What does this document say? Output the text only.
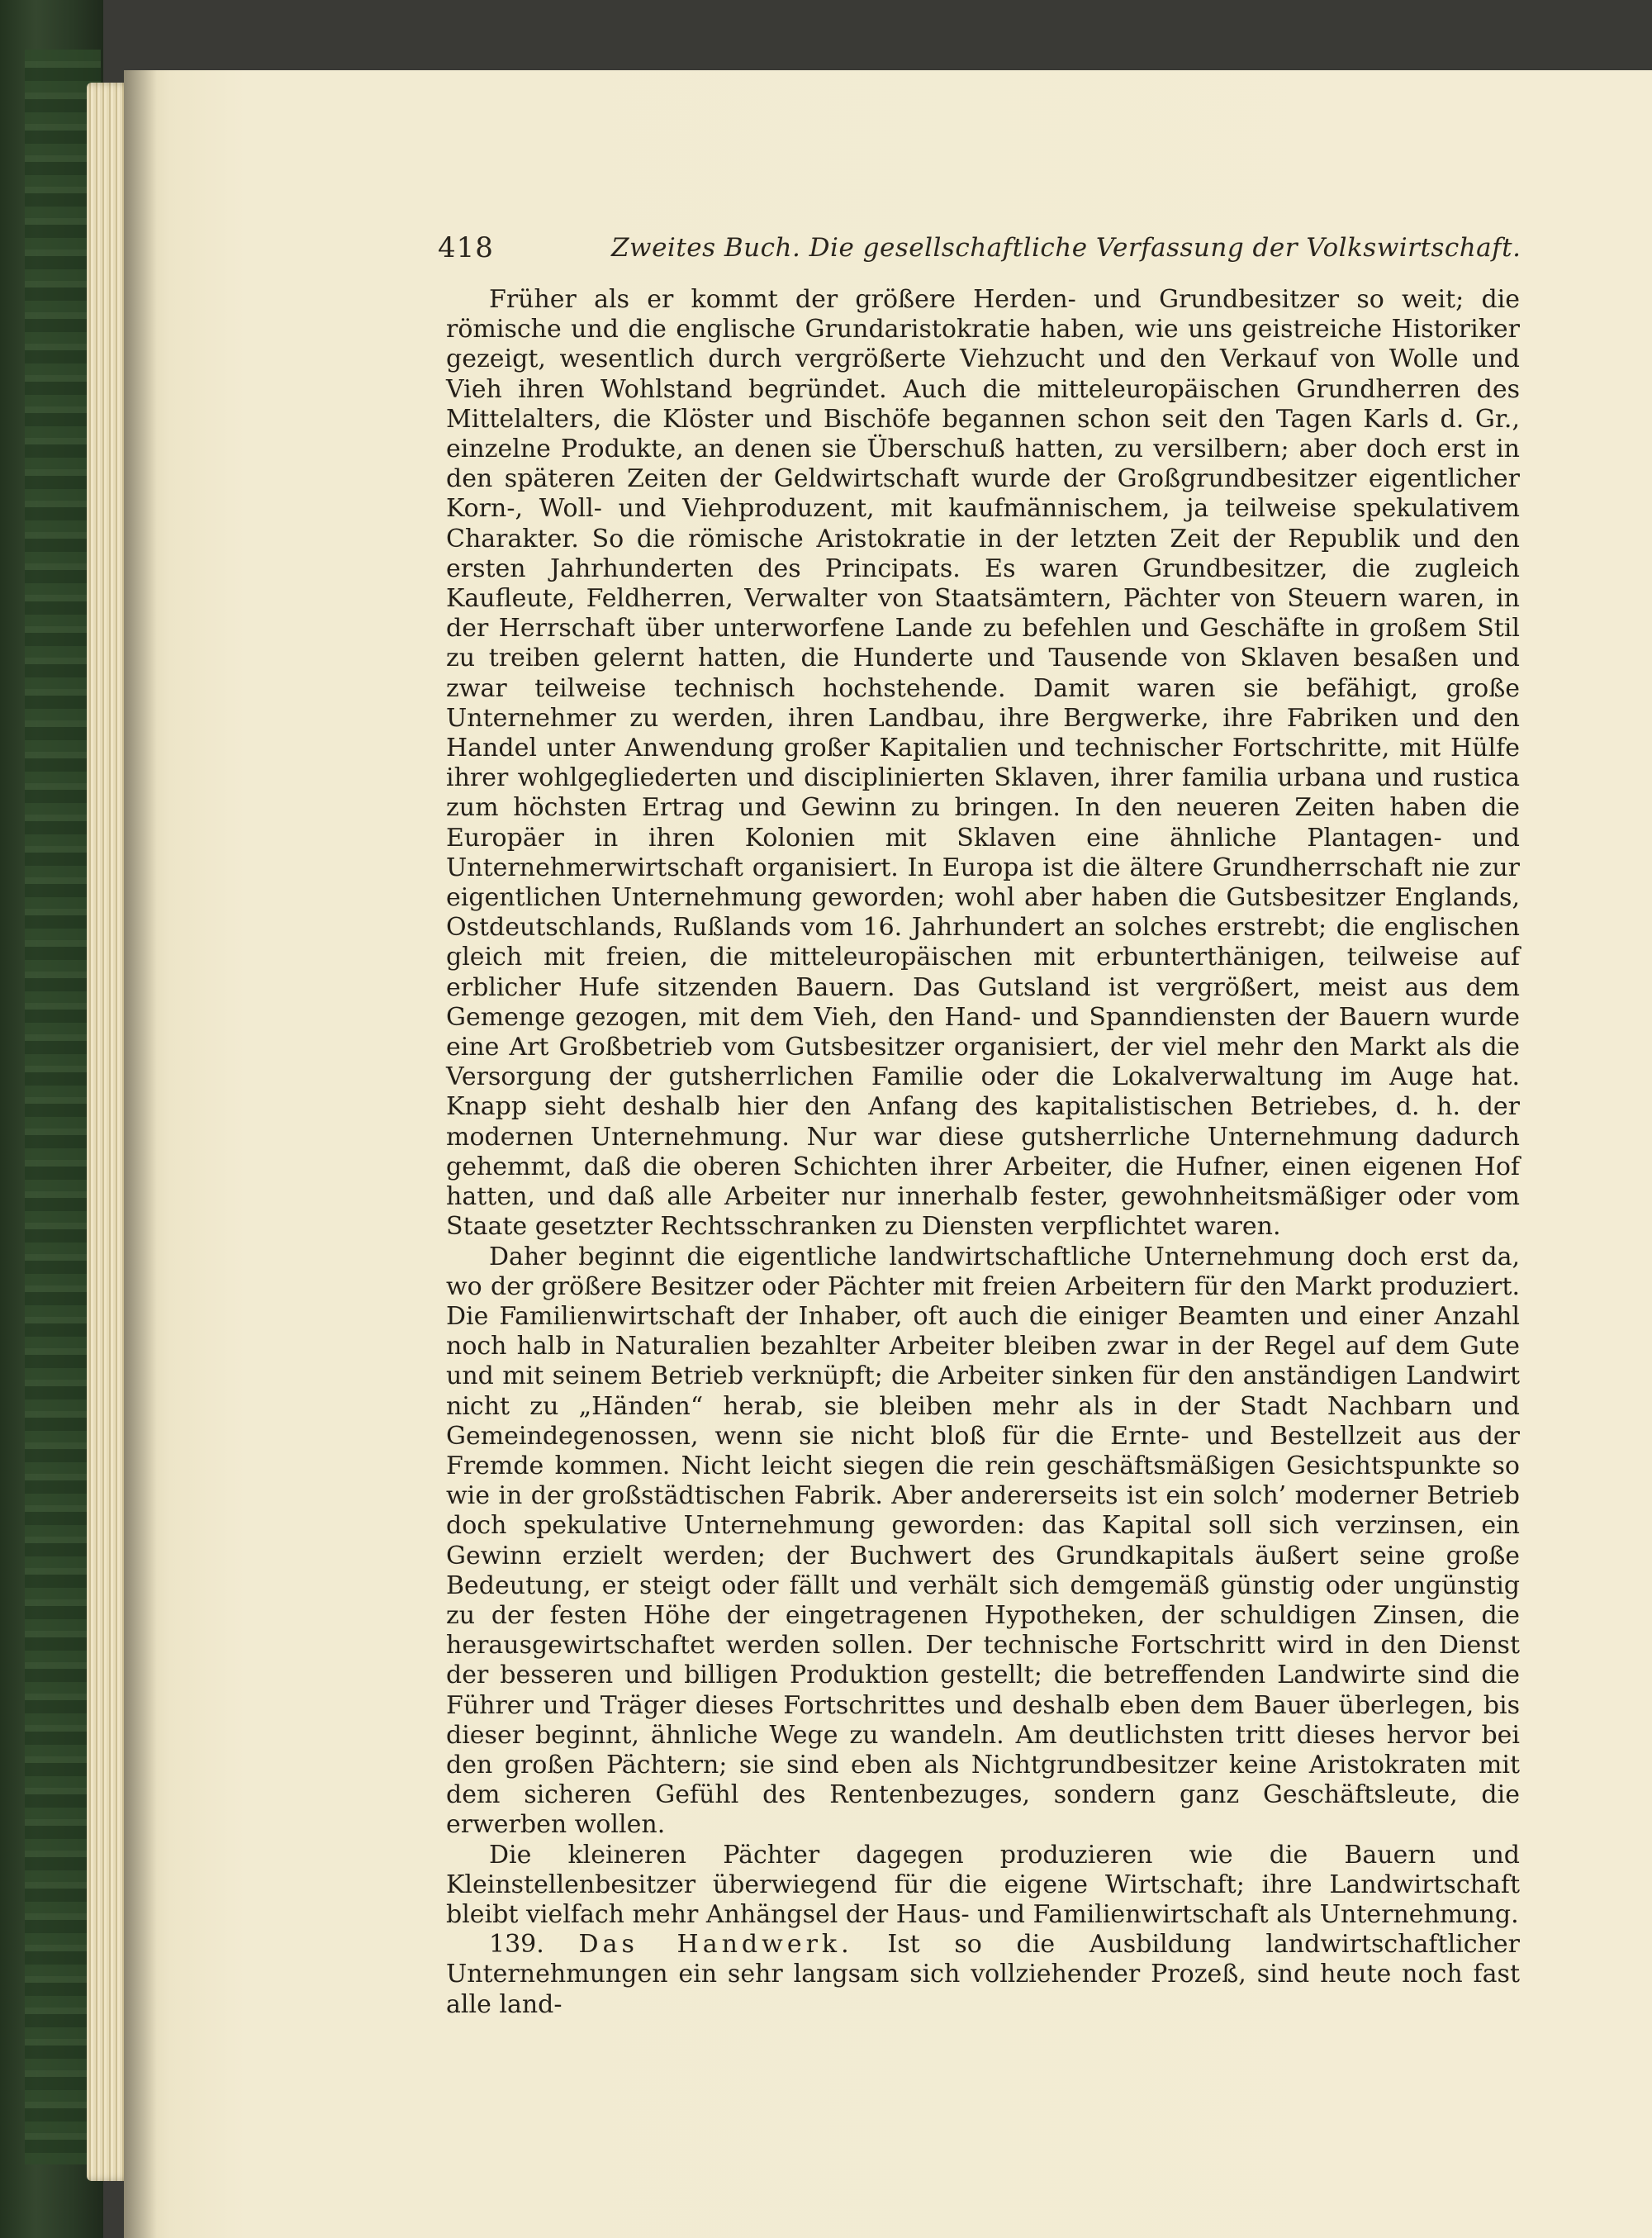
418	Zweites Buch. Die gesellschaftliche Verfassung der Volkswirtschaft.

Früher als er kommt der größere Herden- und Grundbesitzer so weit; die römische und die englische Grundaristokratie haben, wie uns geistreiche Historiker gezeigt, wesentlich durch vergrößerte Viehzucht und den Verkauf von Wolle und Vieh ihren Wohlstand begründet. Auch die mitteleuropäischen Grundherren des Mittelalters, die Klöster und Bischöfe begannen schon seit den Tagen Karls d. Gr., einzelne Produkte, an denen sie Überschuß hatten, zu versilbern; aber doch erst in den späteren Zeiten der Geldwirtschaft wurde der Großgrundbesitzer eigentlicher Korn-, Woll- und Viehproduzent, mit kaufmännischem, ja teilweise spekulativem Charakter. So die römische Aristokratie in der letzten Zeit der Republik und den ersten Jahrhunderten des Principats. Es waren Grundbesitzer, die zugleich Kaufleute, Feldherren, Verwalter von Staatsämtern, Pächter von Steuern waren, in der Herrschaft über unterworfene Lande zu befehlen und Geschäfte in großem Stil zu treiben gelernt hatten, die Hunderte und Tausende von Sklaven besaßen und zwar teilweise technisch hochstehende. Damit waren sie befähigt, große Unternehmer zu werden, ihren Landbau, ihre Bergwerke, ihre Fabriken und den Handel unter Anwendung großer Kapitalien und technischer Fortschritte, mit Hülfe ihrer wohlgegliederten und disciplinierten Sklaven, ihrer familia urbana und rustica zum höchsten Ertrag und Gewinn zu bringen. In den neueren Zeiten haben die Europäer in ihren Kolonien mit Sklaven eine ähnliche Plantagen- und Unternehmerwirtschaft organisiert. In Europa ist die ältere Grundherrschaft nie zur eigentlichen Unternehmung geworden; wohl aber haben die Gutsbesitzer Englands, Ostdeutschlands, Rußlands vom 16. Jahrhundert an solches erstrebt; die englischen gleich mit freien, die mitteleuropäischen mit erbunterthänigen, teilweise auf erblicher Hufe sitzenden Bauern. Das Gutsland ist vergrößert, meist aus dem Gemenge gezogen, mit dem Vieh, den Hand- und Spanndiensten der Bauern wurde eine Art Großbetrieb vom Gutsbesitzer organisiert, der viel mehr den Markt als die Versorgung der gutsherrlichen Familie oder die Lokalverwaltung im Auge hat. Knapp sieht deshalb hier den Anfang des kapitalistischen Betriebes, d. h. der modernen Unternehmung. Nur war diese gutsherrliche Unternehmung dadurch gehemmt, daß die oberen Schichten ihrer Arbeiter, die Hufner, einen eigenen Hof hatten, und daß alle Arbeiter nur innerhalb fester, gewohnheitsmäßiger oder vom Staate gesetzter Rechtsschranken zu Diensten verpflichtet waren.

Daher beginnt die eigentliche landwirtschaftliche Unternehmung doch erst da, wo der größere Besitzer oder Pächter mit freien Arbeitern für den Markt produziert. Die Familienwirtschaft der Inhaber, oft auch die einiger Beamten und einer Anzahl noch halb in Naturalien bezahlter Arbeiter bleiben zwar in der Regel auf dem Gute und mit seinem Betrieb verknüpft; die Arbeiter sinken für den anständigen Landwirt nicht zu „Händen“ herab, sie bleiben mehr als in der Stadt Nachbarn und Gemeindegenossen, wenn sie nicht bloß für die Ernte- und Bestellzeit aus der Fremde kommen. Nicht leicht siegen die rein geschäftsmäßigen Gesichtspunkte so wie in der großstädtischen Fabrik. Aber andererseits ist ein solch’ moderner Betrieb doch spekulative Unternehmung geworden: das Kapital soll sich verzinsen, ein Gewinn erzielt werden; der Buchwert des Grundkapitals äußert seine große Bedeutung, er steigt oder fällt und verhält sich demgemäß günstig oder ungünstig zu der festen Höhe der eingetragenen Hypotheken, der schuldigen Zinsen, die herausgewirtschaftet werden sollen. Der technische Fortschritt wird in den Dienst der besseren und billigen Produktion gestellt; die betreffenden Landwirte sind die Führer und Träger dieses Fortschrittes und deshalb eben dem Bauer überlegen, bis dieser beginnt, ähnliche Wege zu wandeln. Am deutlichsten tritt dieses hervor bei den großen Pächtern; sie sind eben als Nichtgrundbesitzer keine Aristokraten mit dem sicheren Gefühl des Rentenbezuges, sondern ganz Geschäftsleute, die erwerben wollen.

Die kleineren Pächter dagegen produzieren wie die Bauern und Kleinstellenbesitzer überwiegend für die eigene Wirtschaft; ihre Landwirtschaft bleibt vielfach mehr Anhängsel der Haus- und Familienwirtschaft als Unternehmung.

139. Das Handwerk. Ist so die Ausbildung landwirtschaftlicher Unternehmungen ein sehr langsam sich vollziehender Prozeß, sind heute noch fast alle land-
